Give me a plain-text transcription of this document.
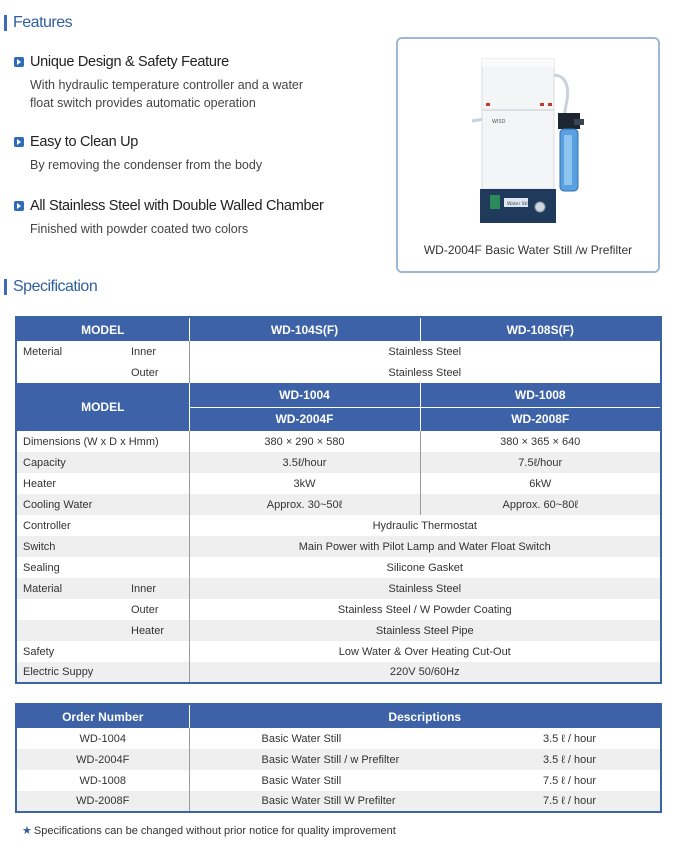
Features
Unique Design & Safety Feature
With hydraulic temperature controller and a water float switch provides automatic operation
Easy to Clean Up
By removing the condenser from the body
All Stainless Steel with Double Walled Chamber
Finished with powder coated two colors
WISD
Water Still
WD-2004F Basic Water Still /w Prefilter
Specification
MODEL		WD-104S(F)	WD-108S(F)
Meterial	Inner	Stainless Steel	
	Outer	Stainless Steel	
MODEL		WD-1004	WD-1008
		WD-2004F	WD-2008F
Dimensions (W x D x Hmm)		380 × 290 × 580	380 × 365 × 640
Capacity		3.5ℓ/hour	7.5ℓ/hour
Heater		3kW	6kW
Cooling Water		Approx. 30~50ℓ	Approx. 60~80ℓ
Controller		Hydraulic Thermostat	
Switch		Main Power with Pilot Lamp and Water Float Switch	
Sealing		Silicone Gasket	
Material	Inner	Stainless Steel	
	Outer	Stainless Steel / W Powder Coating	
	Heater	Stainless Steel Pipe	
Safety		Low Water & Over Heating Cut-Out	
Electric Suppy		220V 50/60Hz	
Order Number	Descriptions	
WD-1004	Basic Water Still	3.5 ℓ / hour
WD-2004F	Basic Water Still / w Prefilter	3.5 ℓ / hour
WD-1008	Basic Water Still	7.5 ℓ / hour
WD-2008F	Basic Water Still W Prefilter	7.5 ℓ / hour
★ Specifications can be changed without prior notice for quality improvement
